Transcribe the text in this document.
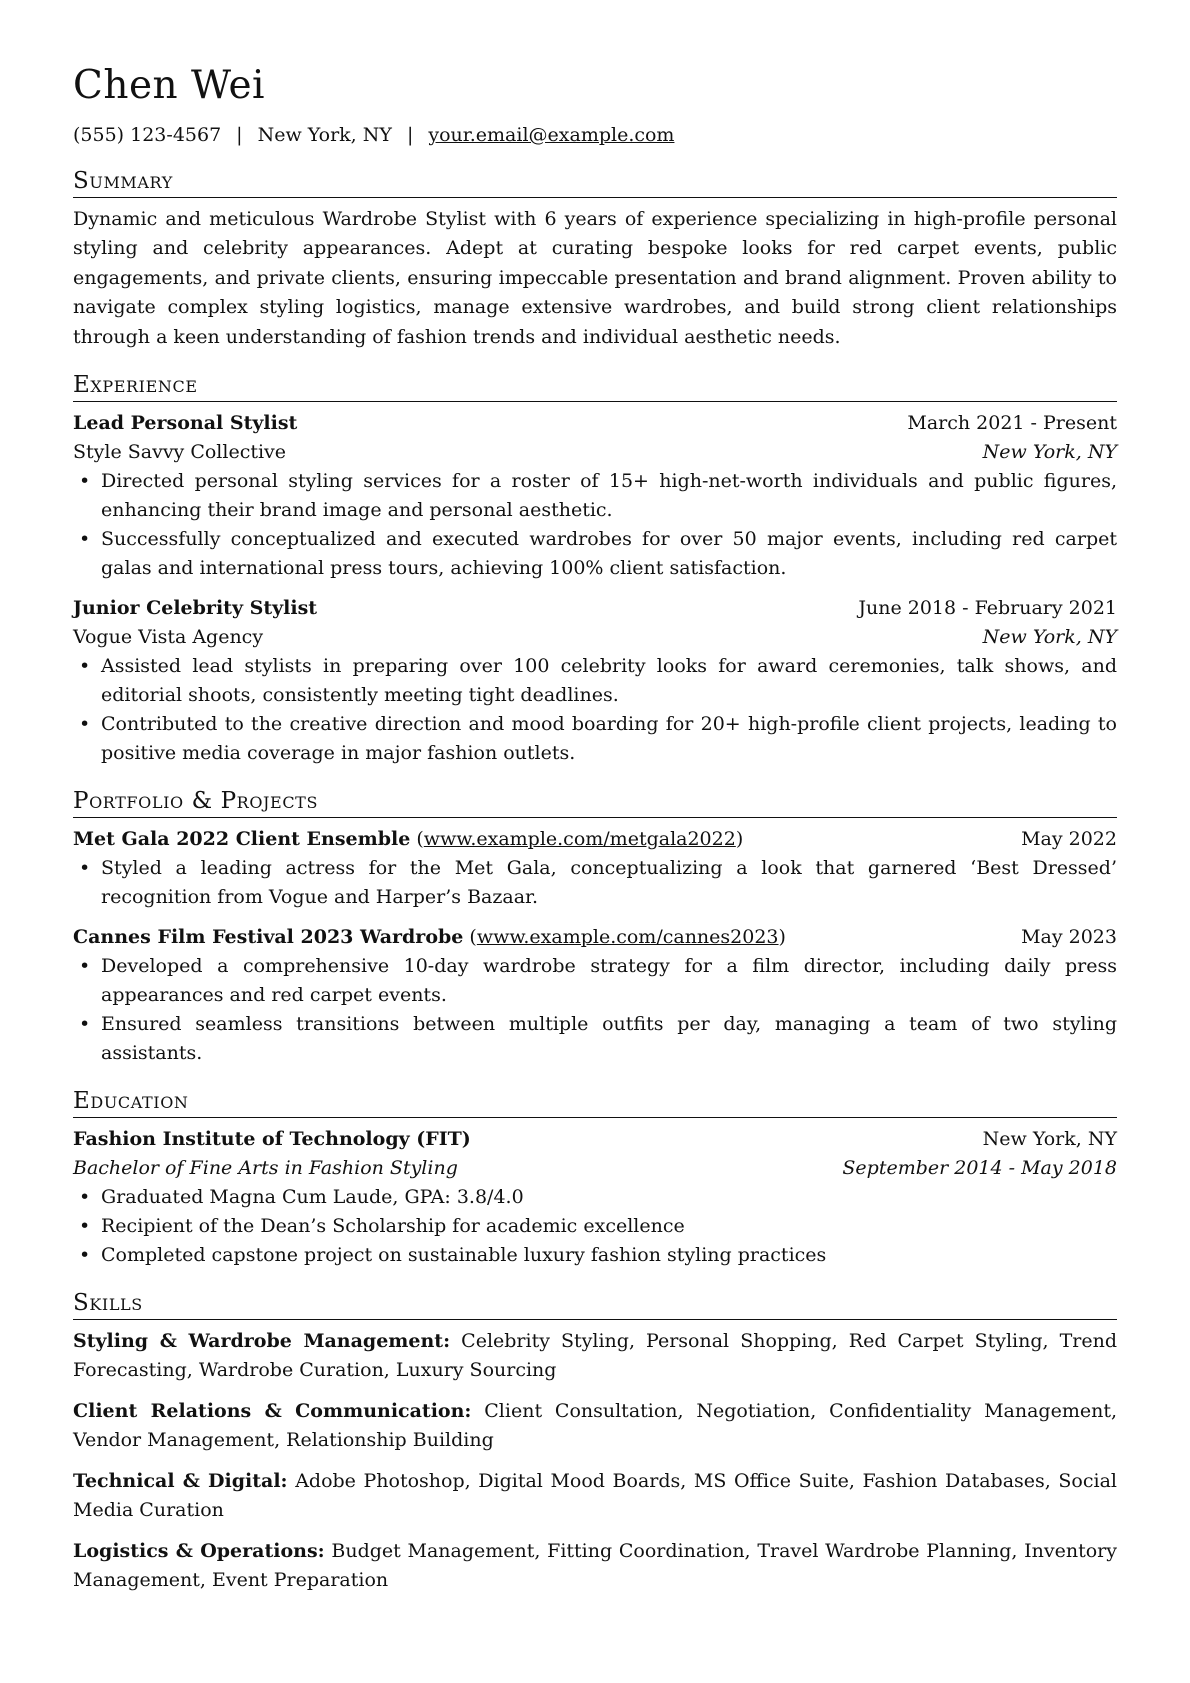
Chen Wei
(555) 123-4567 | New York, NY | your.email@example.com
Summary

Dynamic and meticulous Wardrobe Stylist with 6 years of experience specializing in high-profile personal styling and celebrity appearances. Adept at curating bespoke looks for red carpet events, public engagements, and private clients, ensuring impeccable presentation and brand alignment. Proven ability to navigate complex styling logistics, manage extensive wardrobes, and build strong client relationships through a keen understanding of fashion trends and individual aesthetic needs.

Experience
Lead Personal Stylist	March 2021 - Present
Style Savvy Collective	New York, NY
• Directed personal styling services for a roster of 15+ high-net-worth individuals and public figures, enhancing their brand image and personal aesthetic.
• Successfully conceptualized and executed wardrobes for over 50 major events, including red carpet galas and international press tours, achieving 100% client satisfaction.
Junior Celebrity Stylist	June 2018 - February 2021
Vogue Vista Agency	New York, NY
• Assisted lead stylists in preparing over 100 celebrity looks for award ceremonies, talk shows, and editorial shoots, consistently meeting tight deadlines.
• Contributed to the creative direction and mood boarding for 20+ high-profile client projects, leading to positive media coverage in major fashion outlets.
Portfolio & Projects
Met Gala 2022 Client Ensemble (www.example.com/metgala2022)	May 2022
• Styled a leading actress for the Met Gala, conceptualizing a look that garnered ‘Best Dressed’ recognition from Vogue and Harper’s Bazaar.
Cannes Film Festival 2023 Wardrobe (www.example.com/cannes2023)	May 2023
• Developed a comprehensive 10-day wardrobe strategy for a film director, including daily press appearances and red carpet events.
• Ensured seamless transitions between multiple outfits per day, managing a team of two styling assistants.
Education
Fashion Institute of Technology (FIT)	New York, NY
Bachelor of Fine Arts in Fashion Styling	September 2014 - May 2018
• Graduated Magna Cum Laude, GPA: 3.8/4.0
• Recipient of the Dean’s Scholarship for academic excellence
• Completed capstone project on sustainable luxury fashion styling practices
Skills

Styling & Wardrobe Management: Celebrity Styling, Personal Shopping, Red Carpet Styling, Trend Forecasting, Wardrobe Curation, Luxury Sourcing

Client Relations & Communication: Client Consultation, Negotiation, Confidentiality Management, Vendor Management, Relationship Building

Technical & Digital: Adobe Photoshop, Digital Mood Boards, MS Office Suite, Fashion Databases, Social Media Curation

Logistics & Operations: Budget Management, Fitting Coordination, Travel Wardrobe Planning, Inventory Management, Event Preparation
